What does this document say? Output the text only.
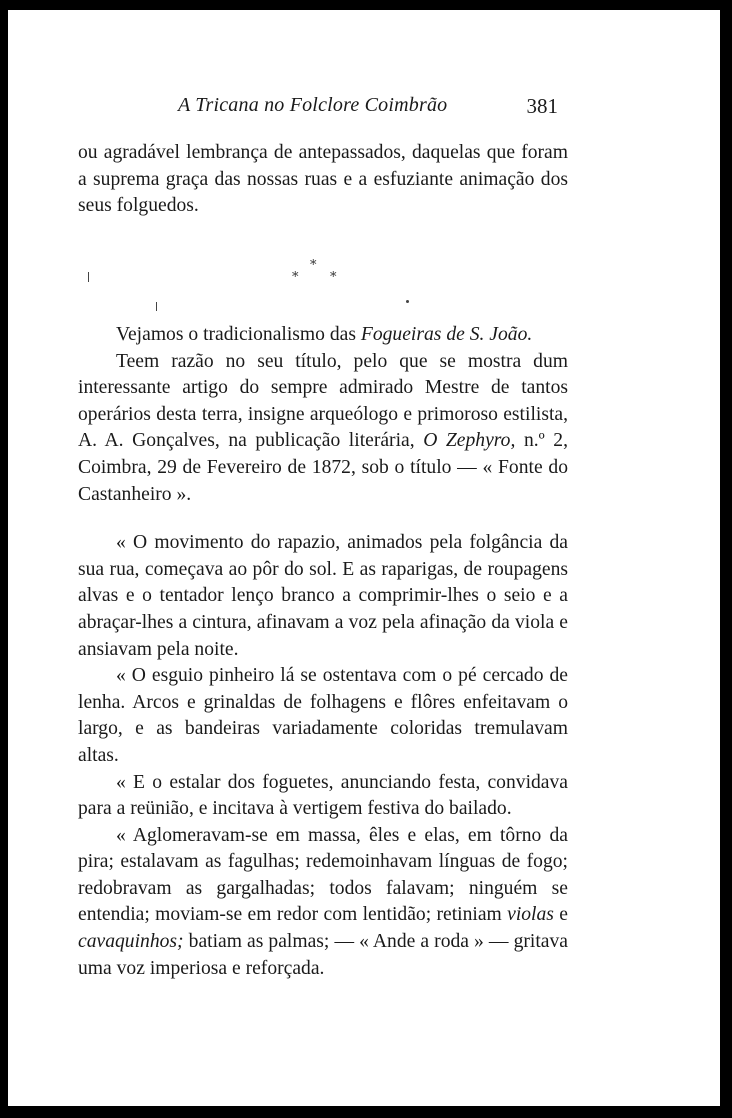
A Tricana no Folclore Coimbrão	381

ou agradável lembrança de antepassados, daquelas que foram a suprema graça das nossas ruas e a esfuziante animação dos seus folguedos.

*
* *

Vejamos o tradicionalismo das Fogueiras de S. João.

Teem razão no seu título, pelo que se mostra dum interessante artigo do sempre admirado Mestre de tantos operários desta terra, insigne arqueólogo e primoroso estilista, A. A. Gonçalves, na publicação literária, O Zephyro, n.º 2, Coimbra, 29 de Fevereiro de 1872, sob o título — « Fonte do Castanheiro ».

« O movimento do rapazio, animados pela folgância da sua rua, começava ao pôr do sol. E as raparigas, de roupagens alvas e o tentador lenço branco a comprimir-lhes o seio e a abraçar-lhes a cintura, afinavam a voz pela afinação da viola e ansiavam pela noite.

« O esguio pinheiro lá se ostentava com o pé cercado de lenha. Arcos e grinaldas de folhagens e flôres enfeitavam o largo, e as bandeiras variadamente coloridas tremulavam altas.

« E o estalar dos foguetes, anunciando festa, convidava para a reünião, e incitava à vertigem festiva do bailado.

« Aglomeravam-se em massa, êles e elas, em tôrno da pira; estalavam as fagulhas; redemoinhavam línguas de fogo; redobravam as gargalhadas; todos falavam; ninguém se entendia; moviam-se em redor com lentidão; retiniam violas e cavaquinhos; batiam as palmas; — « Ande a roda » — gritava uma voz imperiosa e reforçada.
